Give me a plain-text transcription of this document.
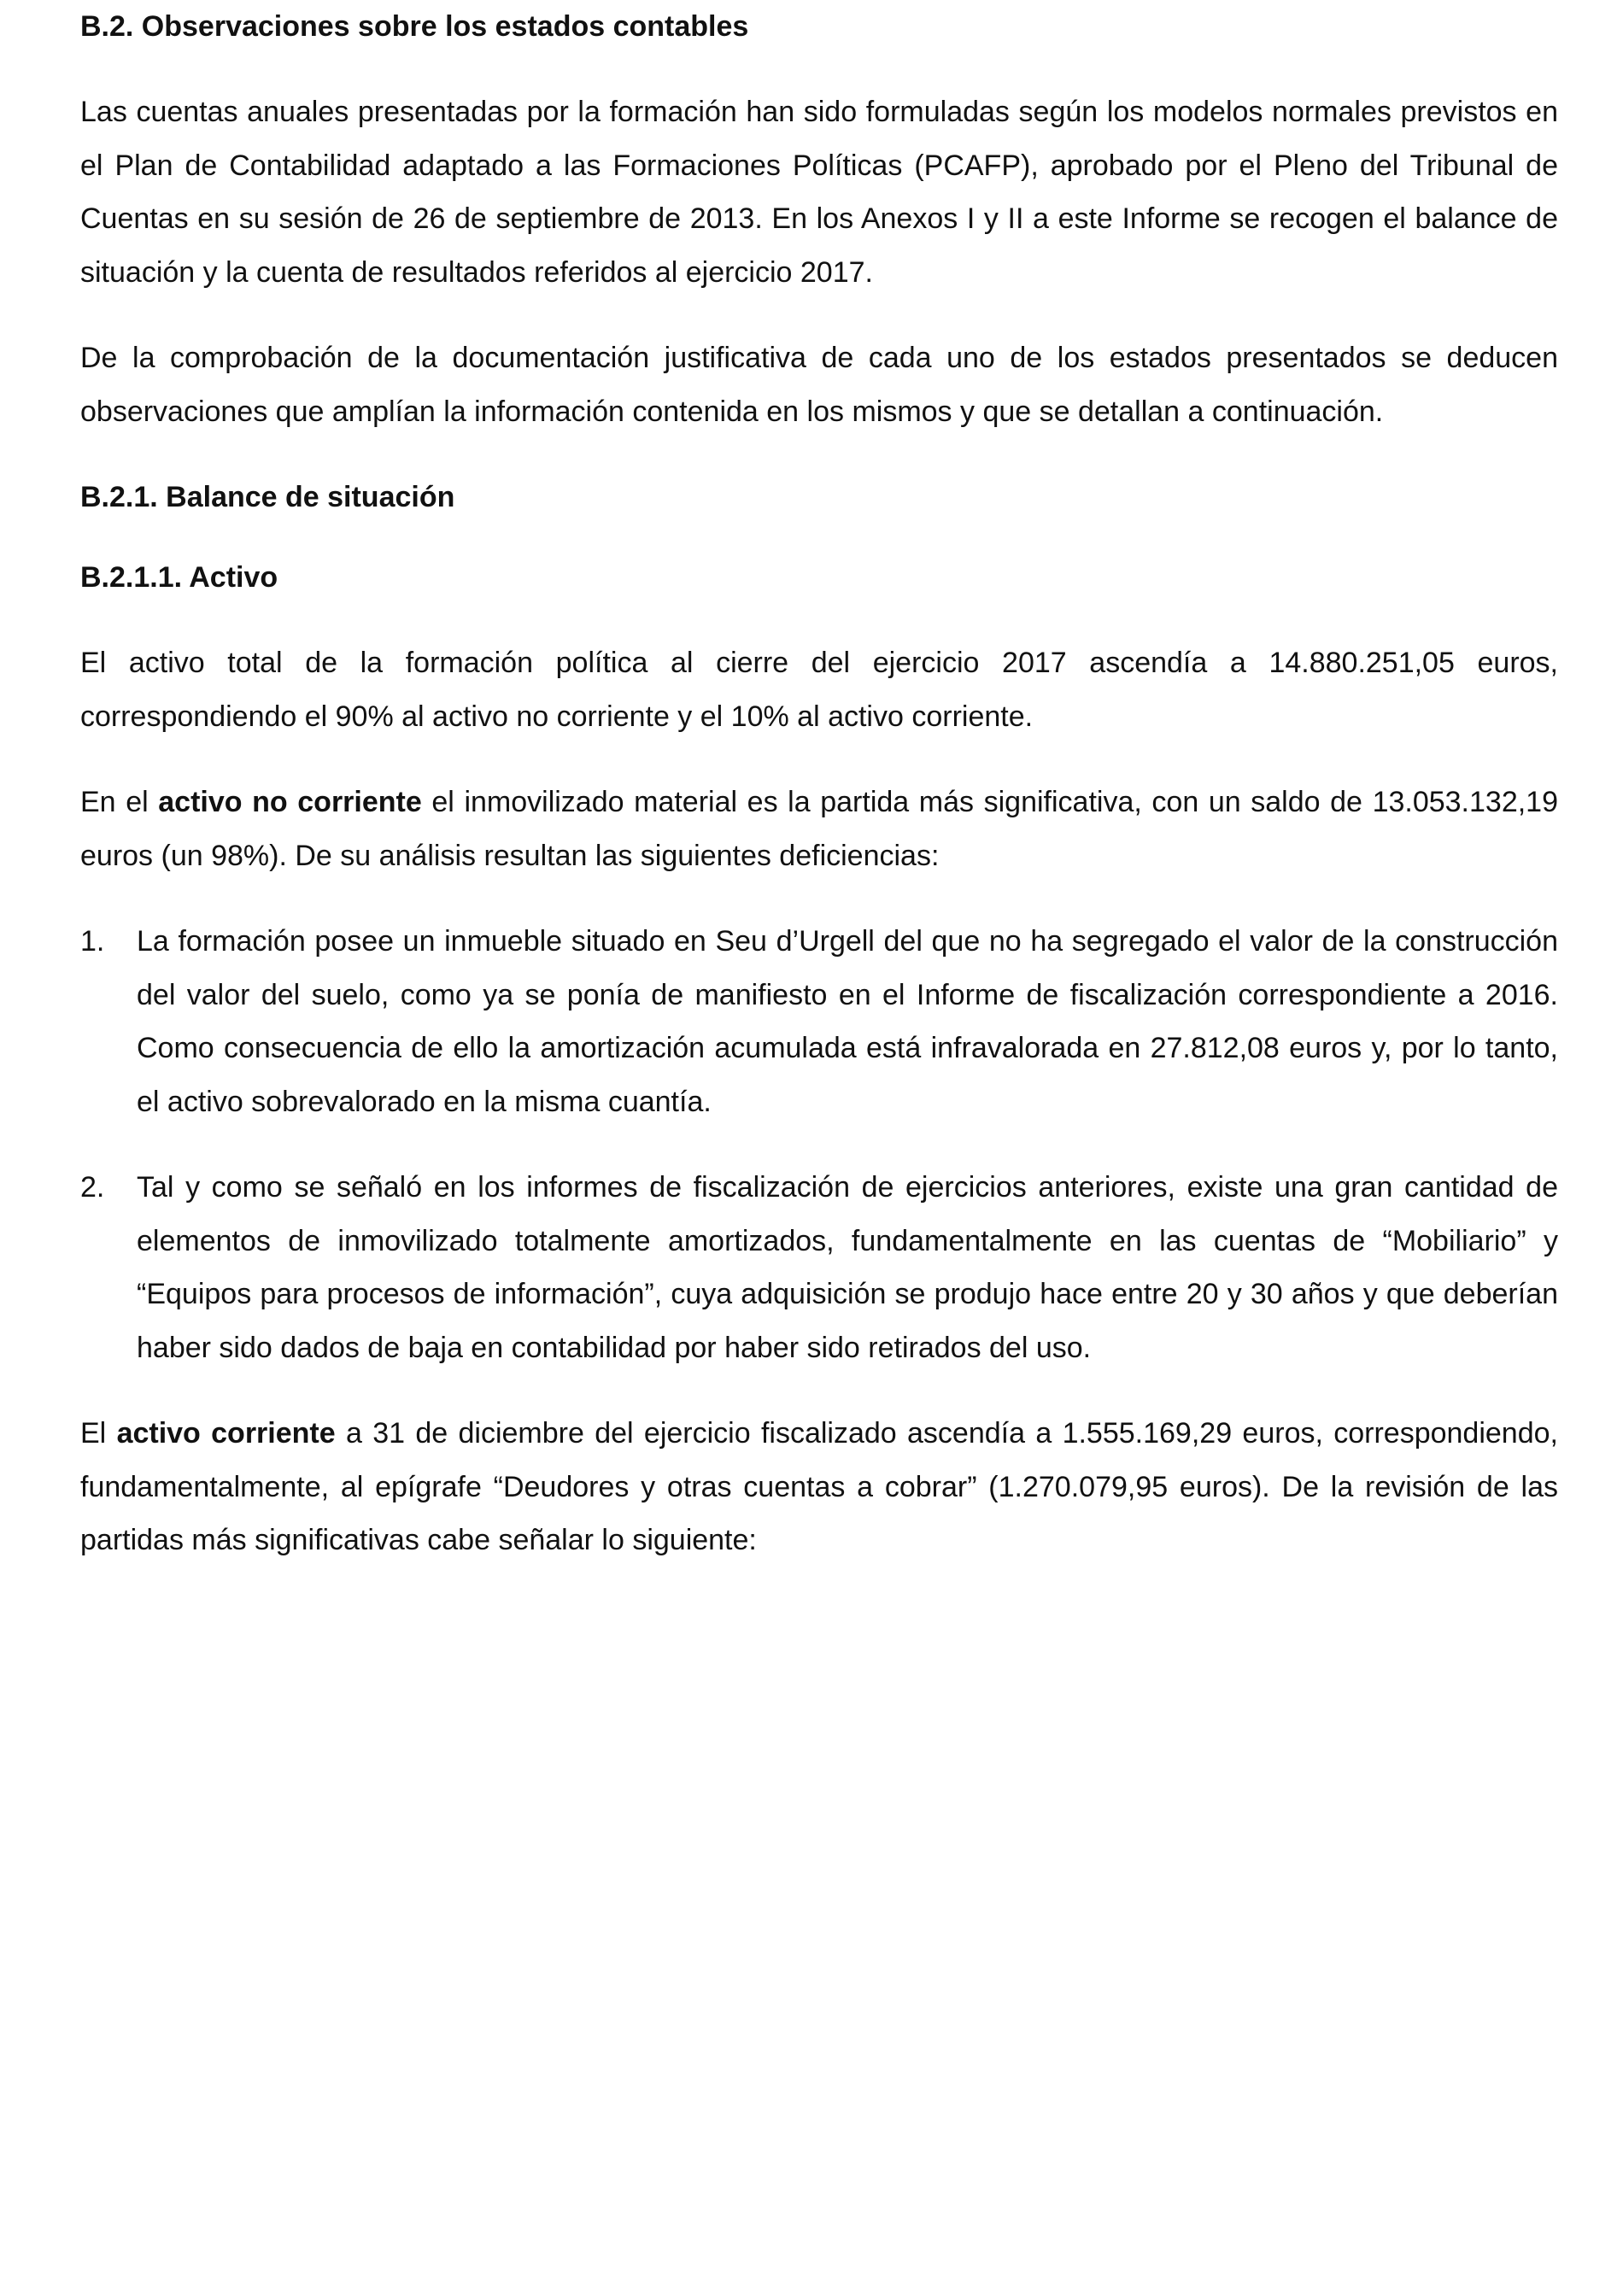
B.2. Observaciones sobre los estados contables

Las cuentas anuales presentadas por la formación han sido formuladas según los modelos normales previstos en el Plan de Contabilidad adaptado a las Formaciones Políticas (PCAFP), aprobado por el Pleno del Tribunal de Cuentas en su sesión de 26 de septiembre de 2013. En los Anexos I y II a este Informe se recogen el balance de situación y la cuenta de resultados referidos al ejercicio 2017.

De la comprobación de la documentación justificativa de cada uno de los estados presentados se deducen observaciones que amplían la información contenida en los mismos y que se detallan a continuación.

B.2.1. Balance de situación
B.2.1.1. Activo

El activo total de la formación política al cierre del ejercicio 2017 ascendía a 14.880.251,05 euros, correspondiendo el 90% al activo no corriente y el 10% al activo corriente.

En el activo no corriente el inmovilizado material es la partida más significativa, con un saldo de 13.053.132,19 euros (un 98%). De su análisis resultan las siguientes deficiencias:

1. La formación posee un inmueble situado en Seu d’Urgell del que no ha segregado el valor de la construcción del valor del suelo, como ya se ponía de manifiesto en el Informe de fiscalización correspondiente a 2016. Como consecuencia de ello la amortización acumulada está infravalorada en 27.812,08 euros y, por lo tanto, el activo sobrevalorado en la misma cuantía.
2. Tal y como se señaló en los informes de fiscalización de ejercicios anteriores, existe una gran cantidad de elementos de inmovilizado totalmente amortizados, fundamentalmente en las cuentas de “Mobiliario” y “Equipos para procesos de información”, cuya adquisición se produjo hace entre 20 y 30 años y que deberían haber sido dados de baja en contabilidad por haber sido retirados del uso.

El activo corriente a 31 de diciembre del ejercicio fiscalizado ascendía a 1.555.169,29 euros, correspondiendo, fundamentalmente, al epígrafe “Deudores y otras cuentas a cobrar” (1.270.079,95 euros). De la revisión de las partidas más significativas cabe señalar lo siguiente:
